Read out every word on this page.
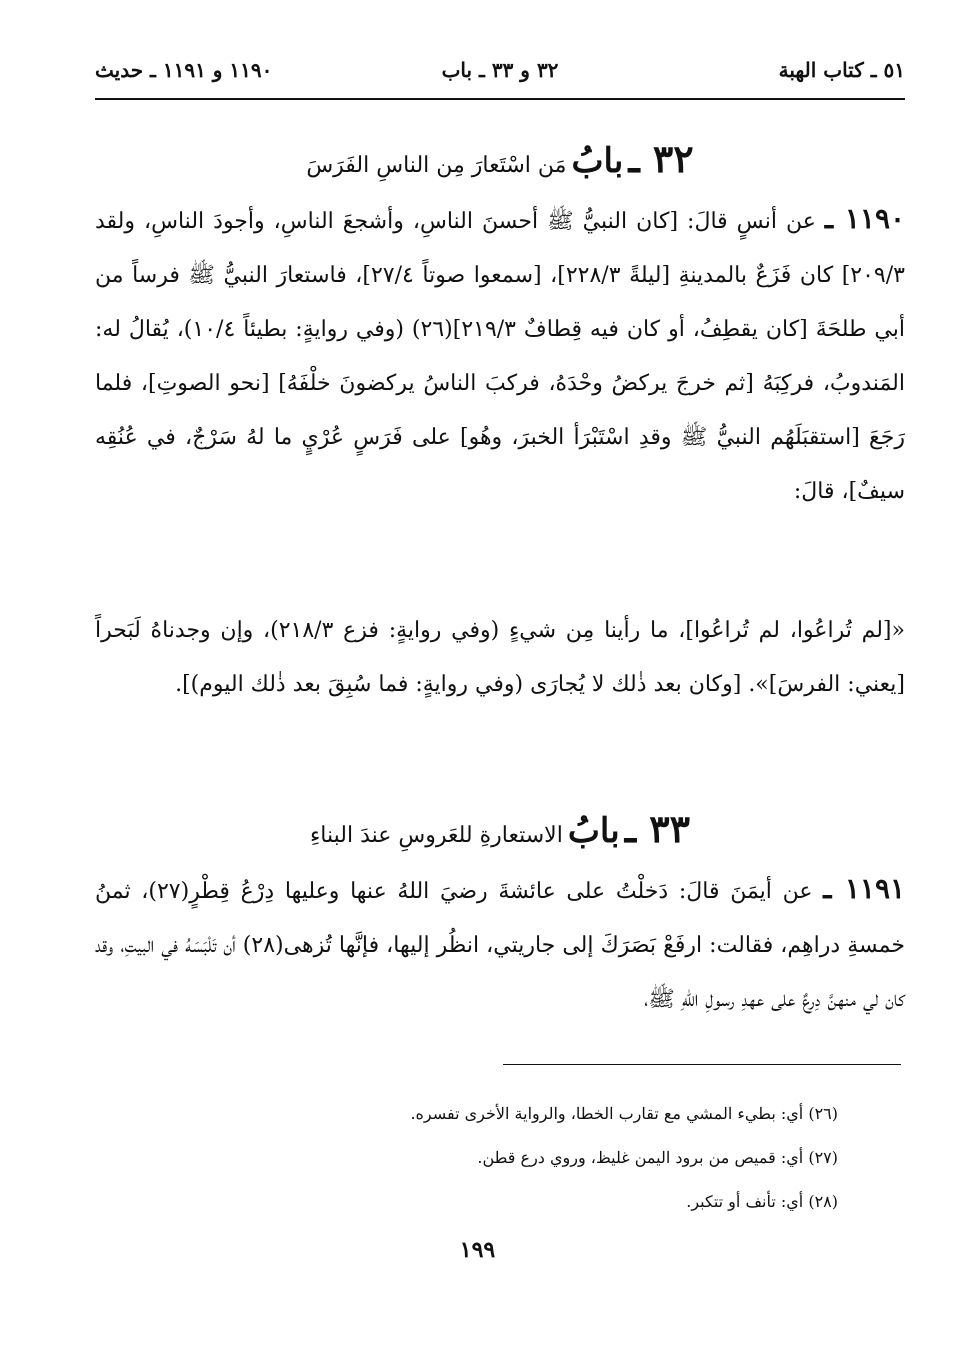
٥١ ـ كتاب الهبة
٣٢ و ٣٣ ـ باب
١١٩٠ و ١١٩١ ـ حديث
٣٢ ـ بابُ مَن اسْتَعارَ مِن الناسِ الفَرَسَ
١١٩٠ ـ عن أنسٍ قالَ: [كان النبيُّ ﷺ أحسنَ الناسِ، وأشجعَ الناسِ، وأجودَ الناسِ، ولقد ٢٠٩/٣] كان فَزَعٌ بالمدينةِ [ليلةً ٢٢٨/٣]، [سمعوا صوتاً ٢٧/٤]، فاستعارَ النبيُّ ﷺ فرساً من أبي طلحَةَ [كان يقطِفُ، أو كان فيه قِطافٌ ٢١٩/٣](٢٦) (وفي روايةٍ: بطيئاً ١٠/٤)، يُقالُ له: المَندوبُ، فركِبَهُ [ثم خرجَ يركضُ وحْدَهُ، فركبَ الناسُ يركضونَ خلْفَهُ] [نحو الصوتِ]، فلما رَجَعَ [استقبَلَهُم النبيُّ ﷺ وقدِ اسْتَبْرَأ الخبرَ، وهُو] على فَرَسٍ عُرْيٍ ما لهُ سَرْجٌ، في عُنُقِه سيفٌ]، قالَ:
«[لم تُراعُوا، لم تُراعُوا]، ما رأينا مِن شيءٍ (وفي روايةٍ: فزع ٢١٨/٣)، وإن وجدناهُ لَبَحراً [يعني: الفرسَ]». [وكان بعد ذٰلك لا يُجارَى (وفي روايةٍ: فما سُبِقَ بعد ذٰلك اليوم)].
٣٣ ـ بابُ الاستعارةِ للعَروسِ عندَ البناءِ
١١٩١ ـ عن أيمَنَ قالَ: دَخلْتُ على عائشةَ رضيَ اللهُ عنها وعليها دِرْعُ قِطْرٍ(٢٧)، ثمنُ خمسةِ دراهِم، فقالت: ارفَعْ بَصَرَكَ إلى جاريتي، انظُر إليها، فإنَّها تُزهى(٢٨) أن تَلْبَسَهُ في البيتِ، وقد كان لي منهنَّ دِرعٌ على عهدِ رسولِ اللهِ ﷺ،
(٢٦) أي: بطيء المشي مع تقارب الخطا، والرواية الأخرى تفسره.
(٢٧) أي: قميص من برود اليمن غليظ، وروي درع قطن.
(٢٨) أي: تأنف أو تتكبر.
١٩٩
